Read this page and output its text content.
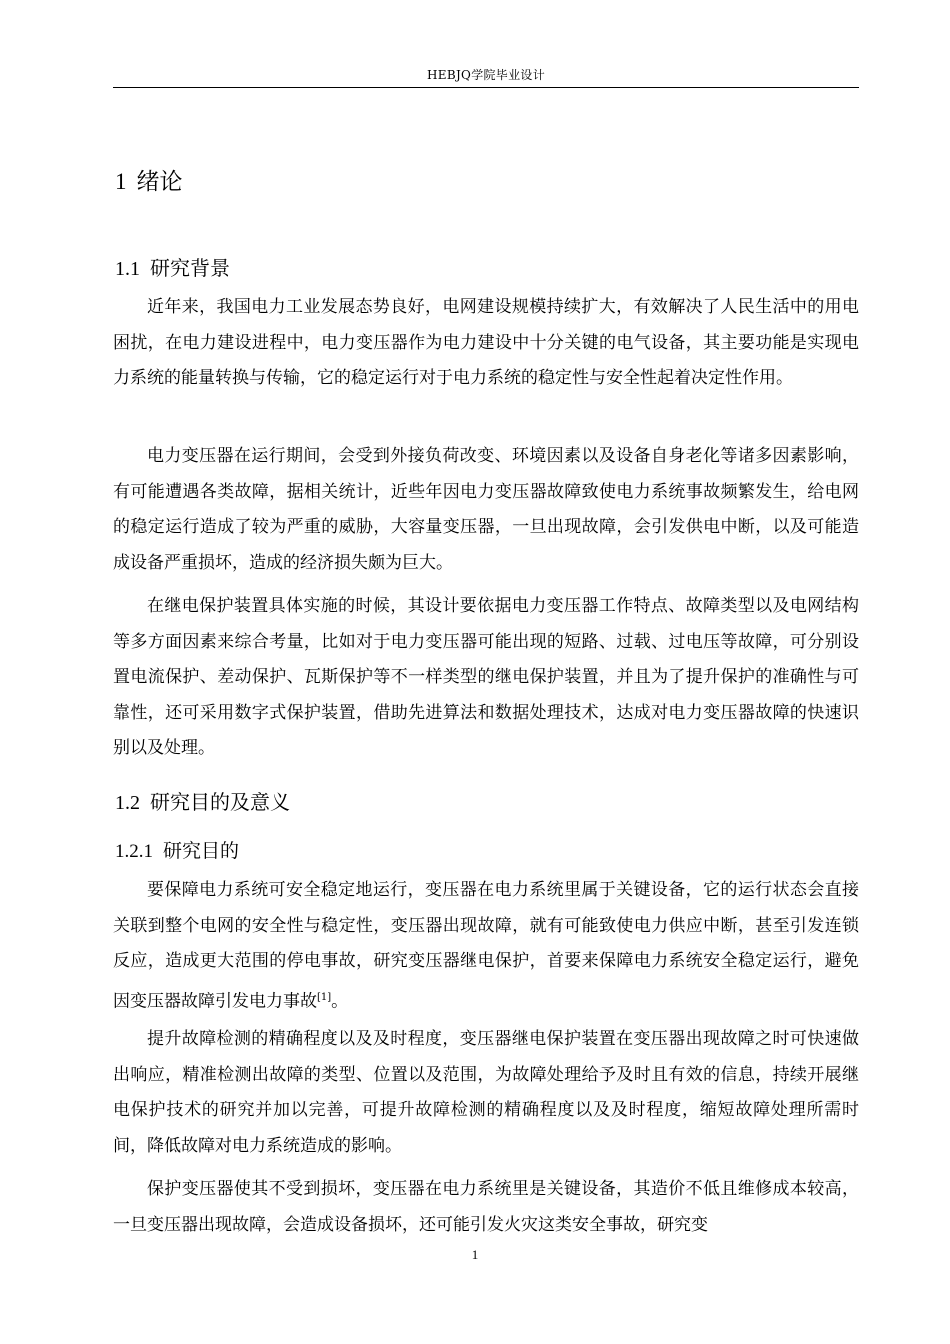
HEBJQ学院毕业设计
1 绪论
1.1 研究背景

近年来，我国电力工业发展态势良好，电网建设规模持续扩大，有效解决了人民生活中的用电困扰，在电力建设进程中，电力变压器作为电力建设中十分关键的电气设备，其主要功能是实现电力系统的能量转换与传输，它的稳定运行对于电力系统的稳定性与安全性起着决定性作用。

电力变压器在运行期间，会受到外接负荷改变、环境因素以及设备自身老化等诸多因素影响，有可能遭遇各类故障，据相关统计，近些年因电力变压器故障致使电力系统事故频繁发生，给电网的稳定运行造成了较为严重的威胁，大容量变压器，一旦出现故障，会引发供电中断，以及可能造成设备严重损坏，造成的经济损失颇为巨大。

在继电保护装置具体实施的时候，其设计要依据电力变压器工作特点、故障类型以及电网结构等多方面因素来综合考量，比如对于电力变压器可能出现的短路、过载、过电压等故障，可分别设置电流保护、差动保护、瓦斯保护等不一样类型的继电保护装置，并且为了提升保护的准确性与可靠性，还可采用数字式保护装置，借助先进算法和数据处理技术，达成对电力变压器故障的快速识别以及处理。

1.2 研究目的及意义
1.2.1 研究目的

要保障电力系统可安全稳定地运行，变压器在电力系统里属于关键设备，它的运行状态会直接关联到整个电网的安全性与稳定性，变压器出现故障，就有可能致使电力供应中断，甚至引发连锁反应，造成更大范围的停电事故，研究变压器继电保护，首要来保障电力系统安全稳定运行，避免因变压器故障引发电力事故[1]。

提升故障检测的精确程度以及及时程度，变压器继电保护装置在变压器出现故障之时可快速做出响应，精准检测出故障的类型、位置以及范围，为故障处理给予及时且有效的信息，持续开展继电保护技术的研究并加以完善，可提升故障检测的精确程度以及及时程度，缩短故障处理所需时间，降低故障对电力系统造成的影响。

保护变压器使其不受到损坏，变压器在电力系统里是关键设备，其造价不低且维修成本较高，一旦变压器出现故障，会造成设备损坏，还可能引发火灾这类安全事故，研究变

1
